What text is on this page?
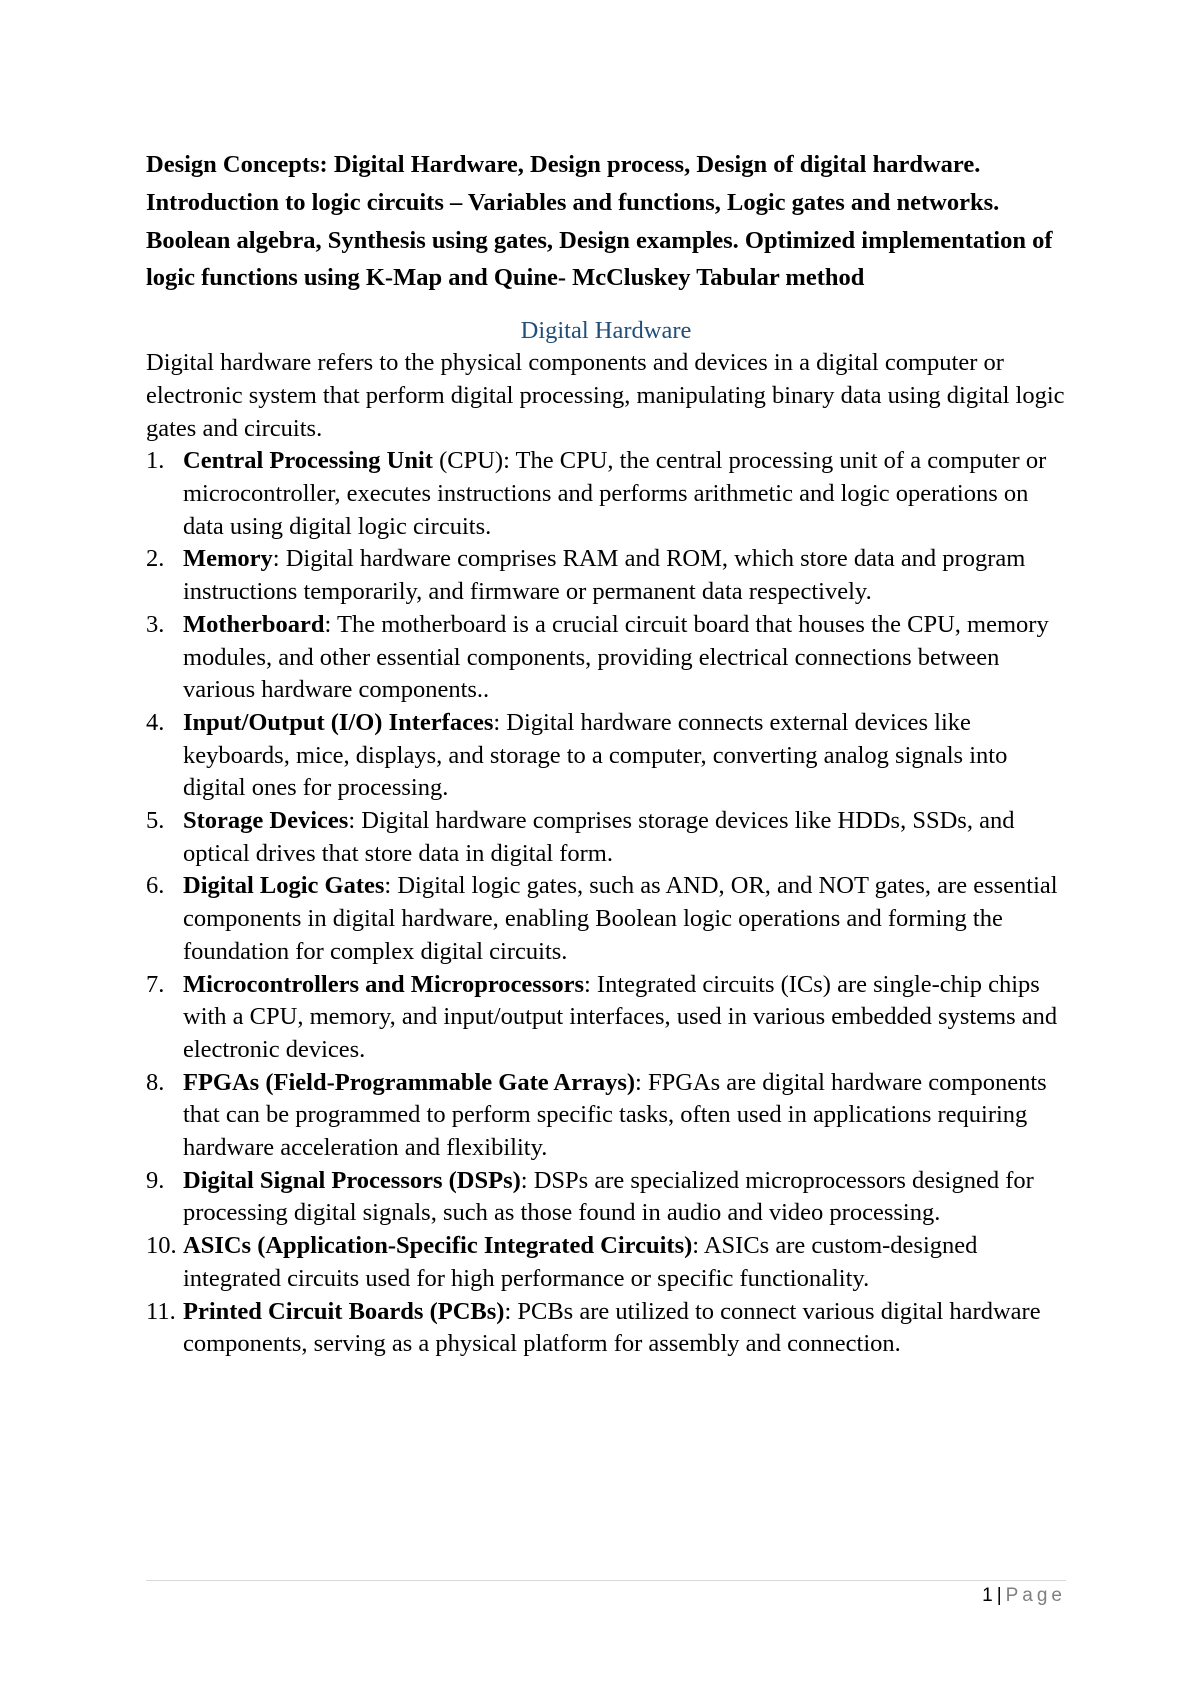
Design Concepts: Digital Hardware, Design process, Design of digital hardware. Introduction to logic circuits – Variables and functions, Logic gates and networks. Boolean algebra, Synthesis using gates, Design examples. Optimized implementation of logic functions using K-Map and Quine- McCluskey Tabular method

Digital Hardware

Digital hardware refers to the physical components and devices in a digital computer or electronic system that perform digital processing, manipulating binary data using digital logic gates and circuits.

1. Central Processing Unit (CPU): The CPU, the central processing unit of a computer or microcontroller, executes instructions and performs arithmetic and logic operations on data using digital logic circuits.
2. Memory: Digital hardware comprises RAM and ROM, which store data and program instructions temporarily, and firmware or permanent data respectively.
3. Motherboard: The motherboard is a crucial circuit board that houses the CPU, memory modules, and other essential components, providing electrical connections between various hardware components..
4. Input/Output (I/O) Interfaces: Digital hardware connects external devices like keyboards, mice, displays, and storage to a computer, converting analog signals into digital ones for processing.
5. Storage Devices: Digital hardware comprises storage devices like HDDs, SSDs, and optical drives that store data in digital form.
6. Digital Logic Gates: Digital logic gates, such as AND, OR, and NOT gates, are essential components in digital hardware, enabling Boolean logic operations and forming the foundation for complex digital circuits.
7. Microcontrollers and Microprocessors: Integrated circuits (ICs) are single-chip chips with a CPU, memory, and input/output interfaces, used in various embedded systems and electronic devices.
8. FPGAs (Field-Programmable Gate Arrays): FPGAs are digital hardware components that can be programmed to perform specific tasks, often used in applications requiring hardware acceleration and flexibility.
9. Digital Signal Processors (DSPs): DSPs are specialized microprocessors designed for processing digital signals, such as those found in audio and video processing.
10. ASICs (Application-Specific Integrated Circuits): ASICs are custom-designed integrated circuits used for high performance or specific functionality.
11. Printed Circuit Boards (PCBs): PCBs are utilized to connect various digital hardware components, serving as a physical platform for assembly and connection.
1 | Page
